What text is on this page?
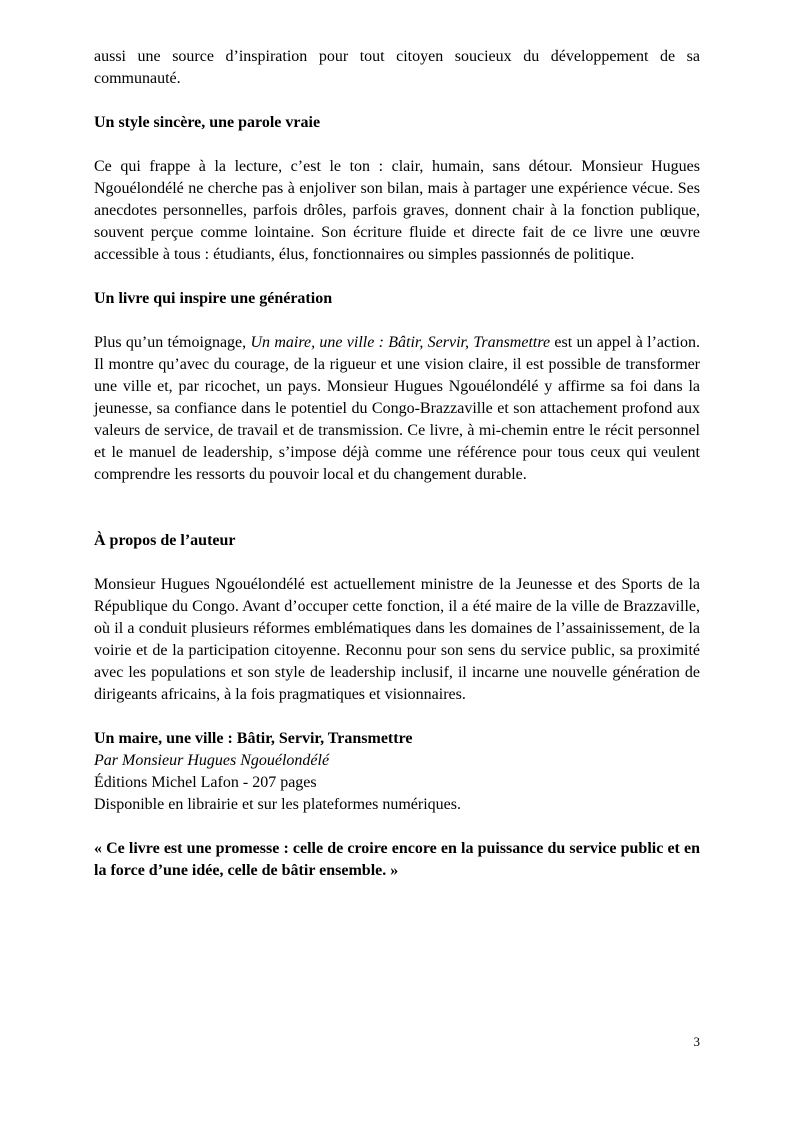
aussi une source d’inspiration pour tout citoyen soucieux du développement de sa communauté.

Un style sincère, une parole vraie

Ce qui frappe à la lecture, c’est le ton : clair, humain, sans détour. Monsieur Hugues Ngouélondélé ne cherche pas à enjoliver son bilan, mais à partager une expérience vécue. Ses anecdotes personnelles, parfois drôles, parfois graves, donnent chair à la fonction publique, souvent perçue comme lointaine. Son écriture fluide et directe fait de ce livre une œuvre accessible à tous : étudiants, élus, fonctionnaires ou simples passionnés de politique.

Un livre qui inspire une génération

Plus qu’un témoignage, Un maire, une ville : Bâtir, Servir, Transmettre est un appel à l’action. Il montre qu’avec du courage, de la rigueur et une vision claire, il est possible de transformer une ville et, par ricochet, un pays. Monsieur Hugues Ngouélondélé y affirme sa foi dans la jeunesse, sa confiance dans le potentiel du Congo-Brazzaville et son attachement profond aux valeurs de service, de travail et de transmission. Ce livre, à mi-chemin entre le récit personnel et le manuel de leadership, s’impose déjà comme une référence pour tous ceux qui veulent comprendre les ressorts du pouvoir local et du changement durable.

À propos de l’auteur

Monsieur Hugues Ngouélondélé est actuellement ministre de la Jeunesse et des Sports de la République du Congo. Avant d’occuper cette fonction, il a été maire de la ville de Brazzaville, où il a conduit plusieurs réformes emblématiques dans les domaines de l’assainissement, de la voirie et de la participation citoyenne. Reconnu pour son sens du service public, sa proximité avec les populations et son style de leadership inclusif, il incarne une nouvelle génération de dirigeants africains, à la fois pragmatiques et visionnaires.

Un maire, une ville : Bâtir, Servir, Transmettre

Par Monsieur Hugues Ngouélondélé

Éditions Michel Lafon - 207 pages

Disponible en librairie et sur les plateformes numériques.

« Ce livre est une promesse : celle de croire encore en la puissance du service public et en la force d’une idée, celle de bâtir ensemble. »

3
